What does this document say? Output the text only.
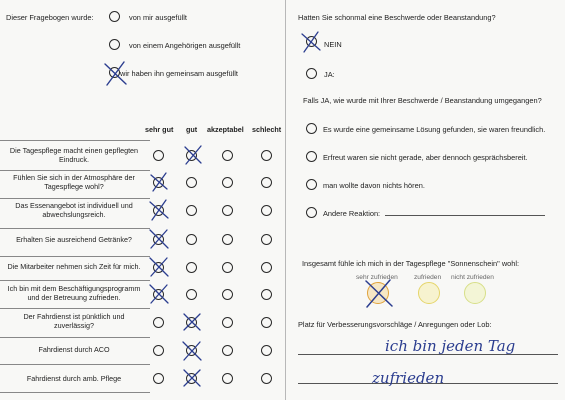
Dieser Fragebogen wurde:	von mir ausgefüllt
von einem Angehörigen ausgefüllt
wir haben ihn gemeinsam ausgefüllt
sehr gut gut akzeptabel schlecht
Die Tagespflege macht einen gepflegten Eindruck.
Fühlen Sie sich in der Atmosphäre der Tagespflege wohl?
Das Essenangebot ist individuell und abwechslungsreich.
Erhalten Sie ausreichend Getränke?
Die Mitarbeiter nehmen sich Zeit für mich.
Ich bin mit dem Beschäftigungsprogramm und der Betreuung zufrieden.
Der Fahrdienst ist pünktlich und zuverlässig?
Fahrdienst durch ACO
Fahrdienst durch amb. Pflege
Hatten Sie schonmal eine Beschwerde oder Beanstandung?
NEIN
JA:
Falls JA, wie wurde mit Ihrer Beschwerde / Beanstandung umgegangen?
Es wurde eine gemeinsame Lösung gefunden, sie waren freundlich.
Erfreut waren sie nicht gerade, aber dennoch gesprächsbereit.
man wollte davon nichts hören.
Andere Reaktion:
Insgesamt fühle ich mich in der Tagespflege "Sonnenschein" wohl:
sehr zufrieden zufrieden nicht zufrieden
Platz für Verbesserungsvorschläge / Anregungen oder Lob:
ich bin jeden Tag
zufrieden
